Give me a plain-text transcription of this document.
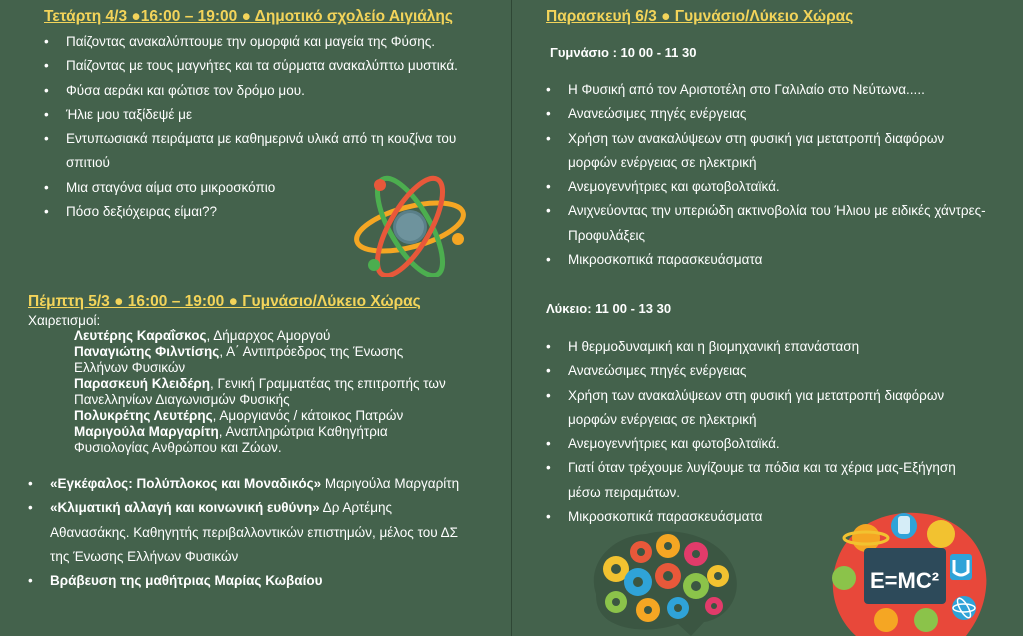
Τετάρτη 4/3 ●16:00 – 19:00 ● Δημοτικό σχολείο Αιγιάλης
• Παίζοντας ανακαλύπτουμε την ομορφιά και μαγεία της Φύσης.
• Παίζοντας με τους μαγνήτες και τα σύρματα ανακαλύπτω μυστικά.
• Φύσα αεράκι και φώτισε τον δρόμο μου.
• Ήλιε μου ταξίδεψέ με
• Εντυπωσιακά πειράματα με καθημερινά υλικά από τη κουζίνα του σπιτιού
• Μια σταγόνα αίμα στο μικροσκόπιο
• Πόσο δεξιόχειρας είμαι??
Πέμπτη 5/3 ● 16:00 – 19:00 ● Γυμνάσιο/Λύκειο Χώρας
Χαιρετισμοί:
Λευτέρης Καραΐσκος, Δήμαρχος Αμοργού
Παναγιώτης Φιλντίσης, Α΄ Αντιπρόεδρος της Ένωσης Ελλήνων Φυσικών
Παρασκευή Κλειδέρη, Γενική Γραμματέας της επιτροπής των Πανελληνίων Διαγωνισμών Φυσικής
Πολυκρέτης Λευτέρης, Αμοργιανός / κάτοικος Πατρών
Μαριγούλα Μαργαρίτη, Αναπληρώτρια Καθηγήτρια Φυσιολογίας Ανθρώπου και Ζώων.
• «Εγκέφαλος: Πολύπλοκος και Μοναδικός» Μαριγούλα Μαργαρίτη
• «Κλιματική αλλαγή και κοινωνική ευθύνη» Δρ Αρτέμης Αθανασάκης. Καθηγητής περιβαλλοντικών επιστημών, μέλος του ΔΣ της Ένωσης Ελλήνων Φυσικών
• Βράβευση της μαθήτριας Μαρίας Κωβαίου
Παρασκευή 6/3 ● Γυμνάσιο/Λύκειο Χώρας
Γυμνάσιο : 10 00 - 11 30
• Η Φυσική από τον Αριστοτέλη στο Γαλιλαίο στο Νεύτωνα.....
• Ανανεώσιμες πηγές ενέργειας
• Χρήση των ανακαλύψεων στη φυσική για μετατροπή διαφόρων μορφών ενέργειας σε ηλεκτρική
• Ανεμογεννήτριες και φωτοβολταϊκά.
• Ανιχνεύοντας την υπεριώδη ακτινοβολία του Ήλιου με ειδικές χάντρες-Προφυλάξεις
• Μικροσκοπικά παρασκευάσματα
Λύκειο: 11 00 - 13 30
• Η θερμοδυναμική και η βιομηχανική επανάσταση
• Ανανεώσιμες πηγές ενέργειας
• Χρήση των ανακαλύψεων στη φυσική για μετατροπή διαφόρων μορφών ενέργειας σε ηλεκτρική
• Ανεμογεννήτριες και φωτοβολταϊκά.
• Γιατί όταν τρέχουμε λυγίζουμε τα πόδια και τα χέρια μας-Εξήγηση μέσω πειραμάτων.
• Μικροσκοπικά παρασκευάσματα
E=MC²
